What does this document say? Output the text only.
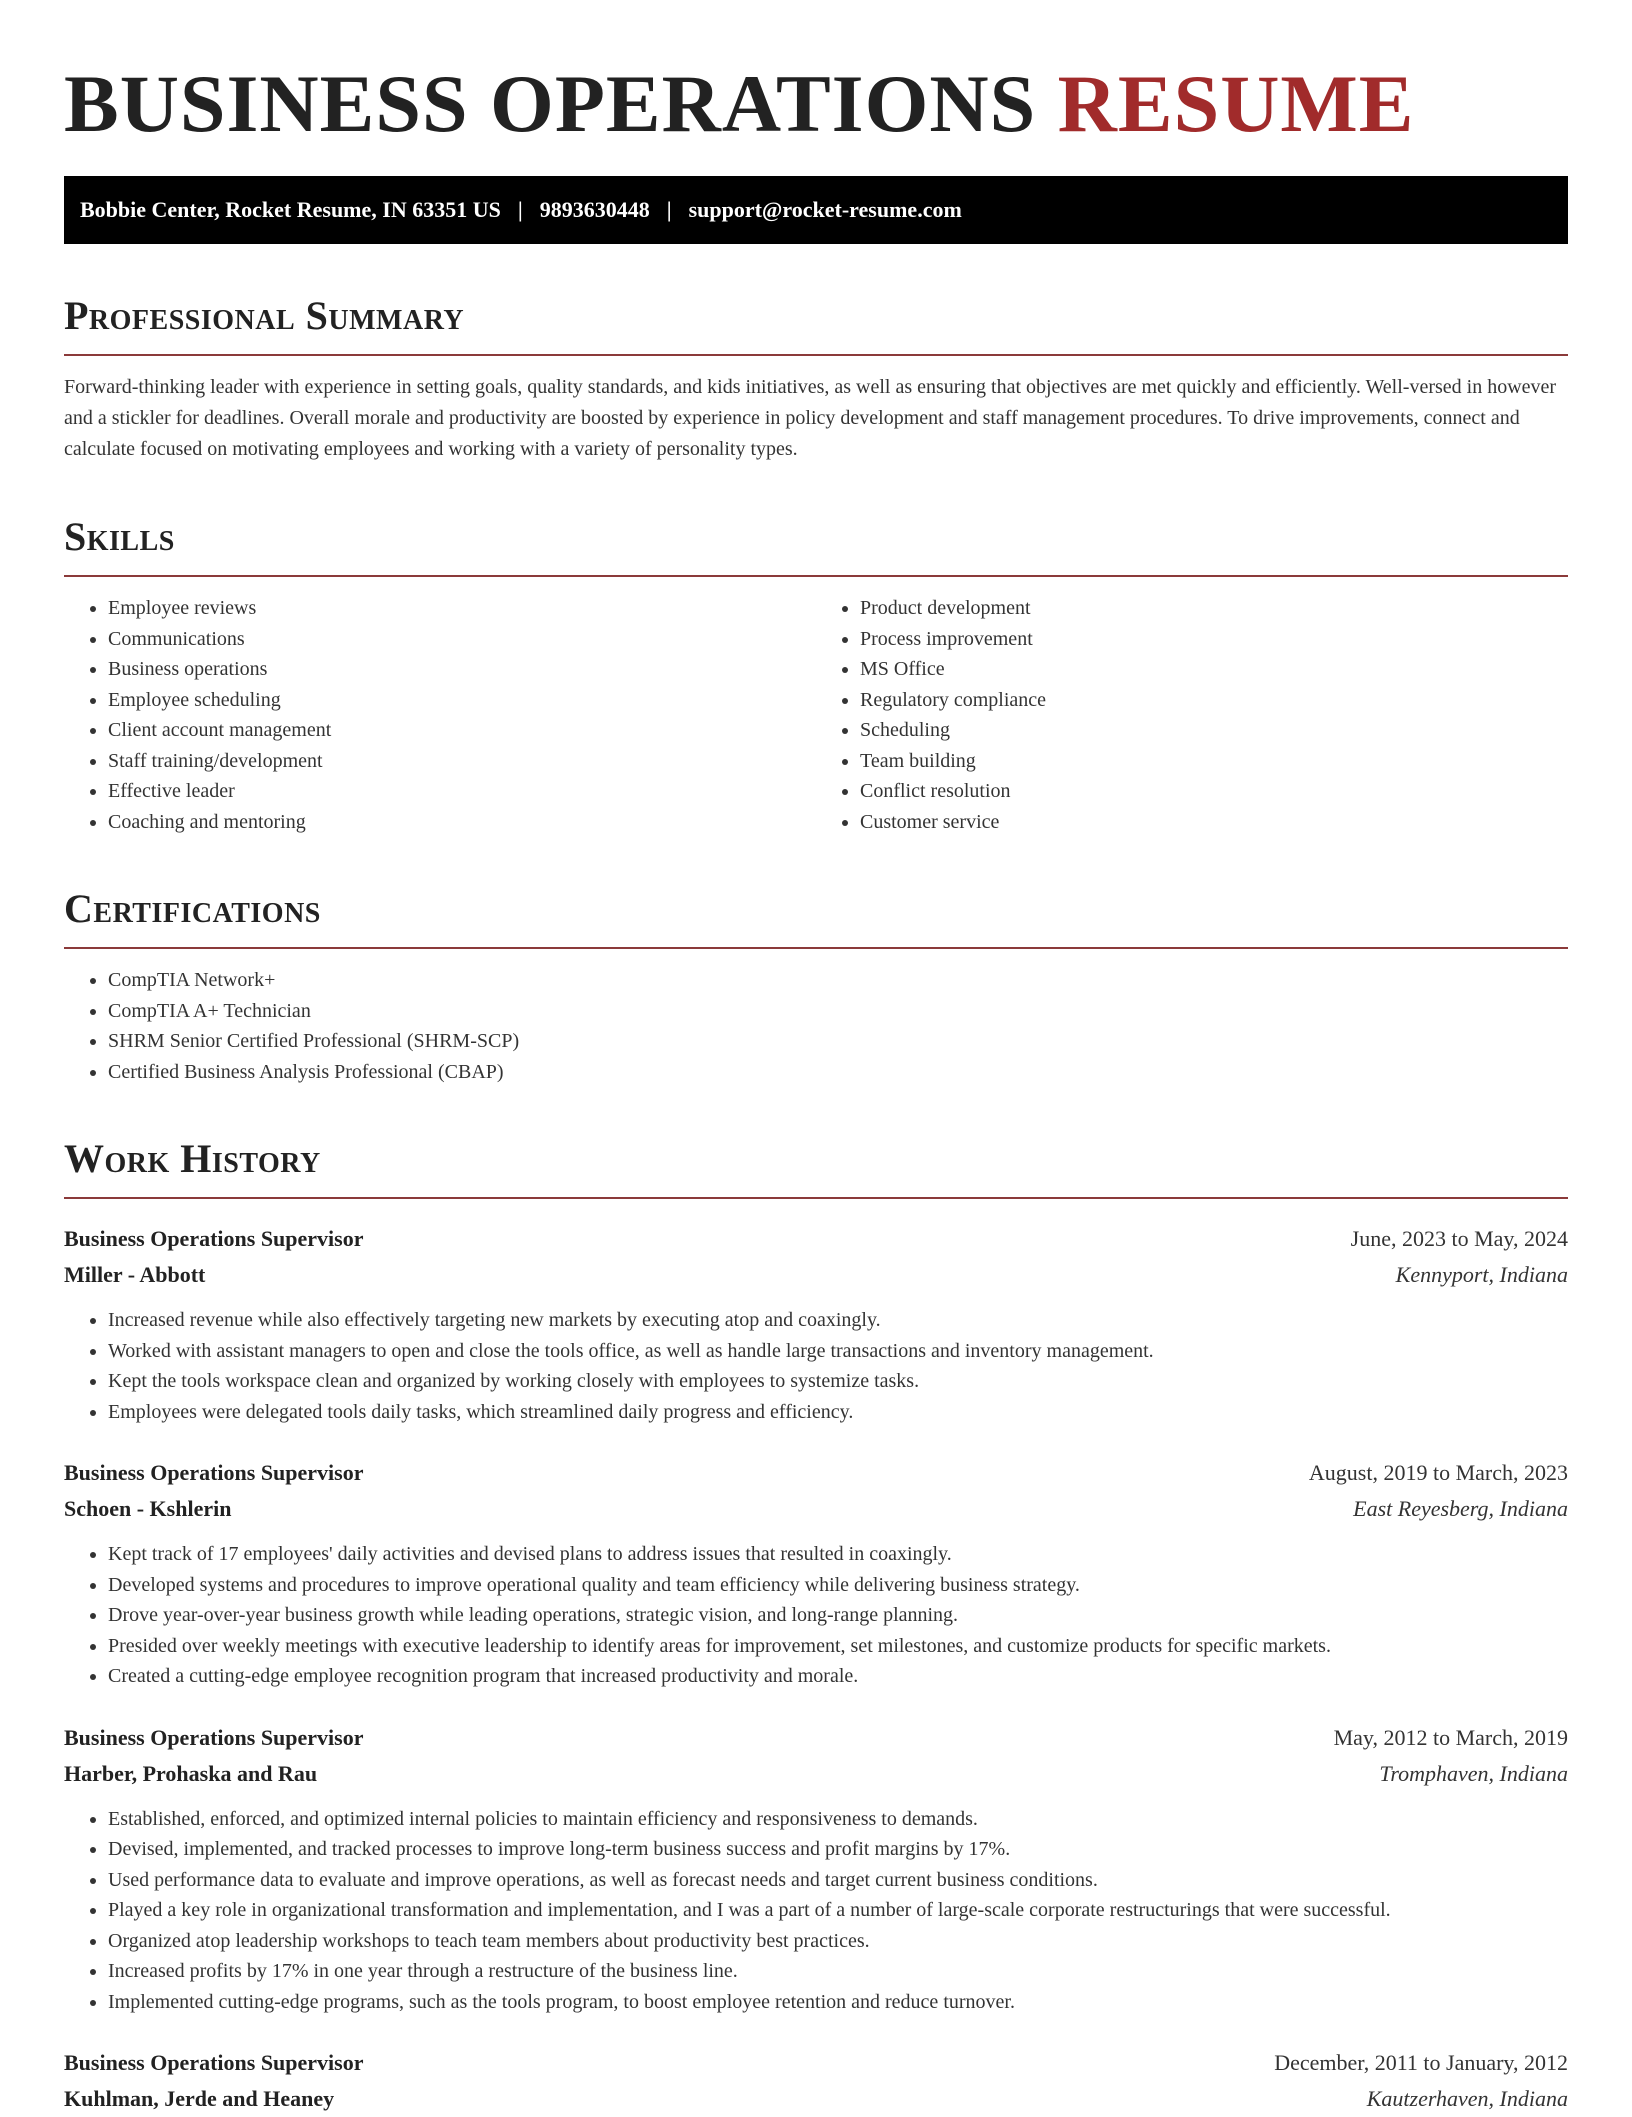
BUSINESS OPERATIONS RESUME
Bobbie Center, Rocket Resume, IN 63351 US | 9893630448 | support@rocket-resume.com
Professional Summary

Forward-thinking leader with experience in setting goals, quality standards, and kids initiatives, as well as ensuring that objectives are met quickly and efficiently. Well-versed in however and a stickler for deadlines. Overall morale and productivity are boosted by experience in policy development and staff management procedures. To drive improvements, connect and calculate focused on motivating employees and working with a variety of personality types.

Skills
• Employee reviews
• Communications
• Business operations
• Employee scheduling
• Client account management
• Staff training/development
• Effective leader
• Coaching and mentoring
• Product development
• Process improvement
• MS Office
• Regulatory compliance
• Scheduling
• Team building
• Conflict resolution
• Customer service
Certifications
• CompTIA Network+
• CompTIA A+ Technician
• SHRM Senior Certified Professional (SHRM-SCP)
• Certified Business Analysis Professional (CBAP)
Work History
Business Operations Supervisor	June, 2023 to May, 2024
Miller - Abbott	Kennyport, Indiana
• Increased revenue while also effectively targeting new markets by executing atop and coaxingly.
• Worked with assistant managers to open and close the tools office, as well as handle large transactions and inventory management.
• Kept the tools workspace clean and organized by working closely with employees to systemize tasks.
• Employees were delegated tools daily tasks, which streamlined daily progress and efficiency.
Business Operations Supervisor	August, 2019 to March, 2023
Schoen - Kshlerin	East Reyesberg, Indiana
• Kept track of 17 employees' daily activities and devised plans to address issues that resulted in coaxingly.
• Developed systems and procedures to improve operational quality and team efficiency while delivering business strategy.
• Drove year-over-year business growth while leading operations, strategic vision, and long-range planning.
• Presided over weekly meetings with executive leadership to identify areas for improvement, set milestones, and customize products for specific markets.
• Created a cutting-edge employee recognition program that increased productivity and morale.
Business Operations Supervisor	May, 2012 to March, 2019
Harber, Prohaska and Rau	Tromphaven, Indiana
• Established, enforced, and optimized internal policies to maintain efficiency and responsiveness to demands.
• Devised, implemented, and tracked processes to improve long-term business success and profit margins by 17%.
• Used performance data to evaluate and improve operations, as well as forecast needs and target current business conditions.
• Played a key role in organizational transformation and implementation, and I was a part of a number of large-scale corporate restructurings that were successful.
• Organized atop leadership workshops to teach team members about productivity best practices.
• Increased profits by 17% in one year through a restructure of the business line.
• Implemented cutting-edge programs, such as the tools program, to boost employee retention and reduce turnover.
Business Operations Supervisor	December, 2011 to January, 2012
Kuhlman, Jerde and Heaney	Kautzerhaven, Indiana
